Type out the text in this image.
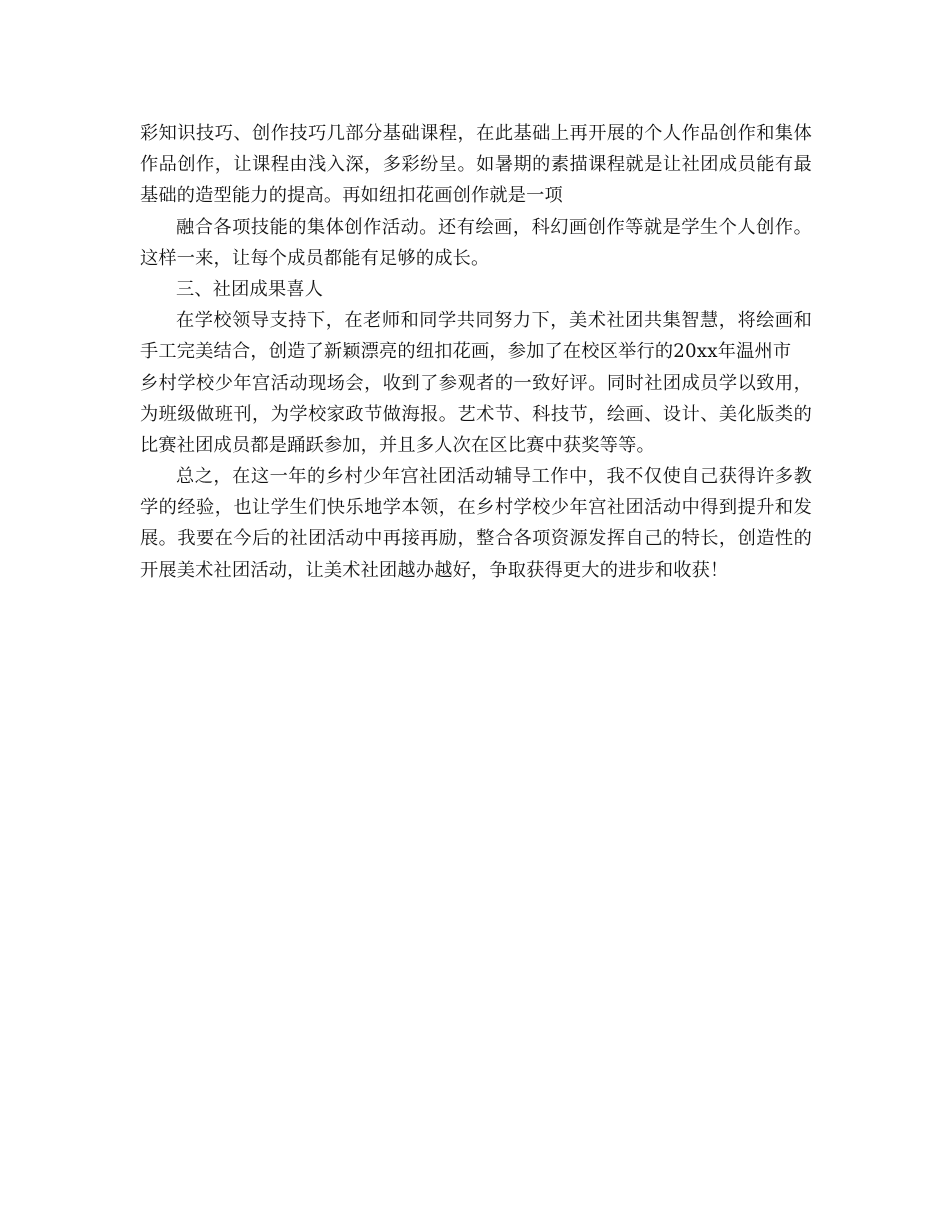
彩知识技巧、创作技巧几部分基础课程，在此基础上再开展的个人作品创作和集体
作品创作，让课程由浅入深，多彩纷呈。如暑期的素描课程就是让社团成员能有最
基础的造型能力的提高。再如纽扣花画创作就是一项
融合各项技能的集体创作活动。还有绘画，科幻画创作等就是学生个人创作。
这样一来，让每个成员都能有足够的成长。
三、社团成果喜人
在学校领导支持下，在老师和同学共同努力下，美术社团共集智慧，将绘画和
手工完美结合，创造了新颖漂亮的纽扣花画，参加了在校区举行的20xx年温州市
乡村学校少年宫活动现场会，收到了参观者的一致好评。同时社团成员学以致用，
为班级做班刊，为学校家政节做海报。艺术节、科技节，绘画、设计、美化版类的
比赛社团成员都是踊跃参加，并且多人次在区比赛中获奖等等。
总之，在这一年的乡村少年宫社团活动辅导工作中，我不仅使自己获得许多教
学的经验，也让学生们快乐地学本领，在乡村学校少年宫社团活动中得到提升和发
展。我要在今后的社团活动中再接再励，整合各项资源发挥自己的特长，创造性的
开展美术社团活动，让美术社团越办越好，争取获得更大的进步和收获！
